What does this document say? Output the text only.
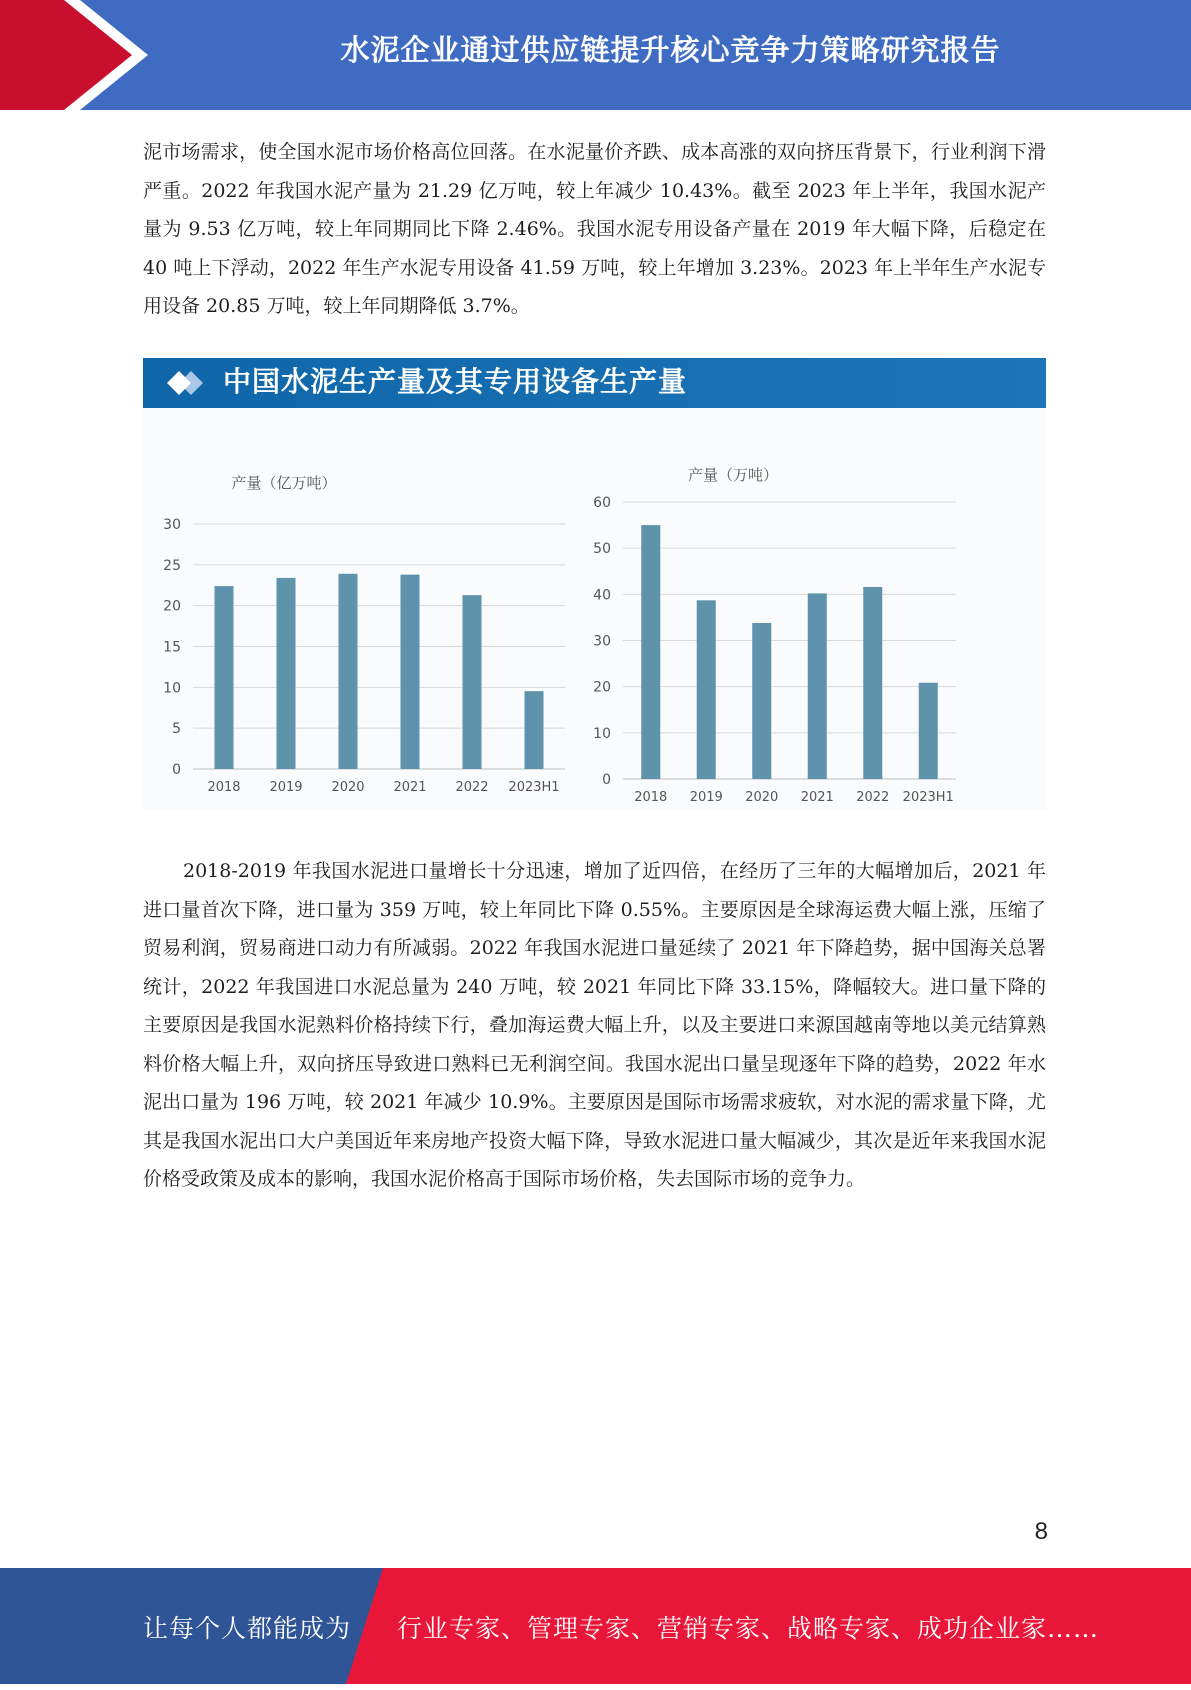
水泥企业通过供应链提升核心竞争力策略研究报告

泥市场需求，使全国水泥市场价格高位回落。在水泥量价齐跌、成本高涨的双向挤压背景下，行业利润下滑严重。2022 年我国水泥产量为 21.29 亿万吨，较上年减少 10.43%。截至 2023 年上半年，我国水泥产量为 9.53 亿万吨，较上年同期同比下降 2.46%。我国水泥专用设备产量在 2019 年大幅下降，后稳定在 40 吨上下浮动，2022 年生产水泥专用设备 41.59 万吨，较上年增加 3.23%。2023 年上半年生产水泥专用设备 20.85 万吨，较上年同期降低 3.7%。

中国水泥生产量及其专用设备生产量
产量（亿万吨）
0
5
10
15
20
25
30
2018 2019 2020 2021 2022 2023H1
产量（万吨）
0
10
20
30
40
50
60
2018 2019 2020 2021 2022 2023H1

2018-2019 年我国水泥进口量增长十分迅速，增加了近四倍，在经历了三年的大幅增加后，2021 年进口量首次下降，进口量为 359 万吨，较上年同比下降 0.55%。主要原因是全球海运费大幅上涨，压缩了贸易利润，贸易商进口动力有所减弱。2022 年我国水泥进口量延续了 2021 年下降趋势，据中国海关总署统计，2022 年我国进口水泥总量为 240 万吨，较 2021 年同比下降 33.15%，降幅较大。进口量下降的主要原因是我国水泥熟料价格持续下行，叠加海运费大幅上升，以及主要进口来源国越南等地以美元结算熟料价格大幅上升，双向挤压导致进口熟料已无利润空间。我国水泥出口量呈现逐年下降的趋势，2022 年水泥出口量为 196 万吨，较 2021 年减少 10.9%。主要原因是国际市场需求疲软，对水泥的需求量下降，尤其是我国水泥出口大户美国近年来房地产投资大幅下降，导致水泥进口量大幅减少，其次是近年来我国水泥价格受政策及成本的影响，我国水泥价格高于国际市场价格，失去国际市场的竞争力。

8
让每个人都能成为 行业专家、管理专家、营销专家、战略专家、成功企业家……
